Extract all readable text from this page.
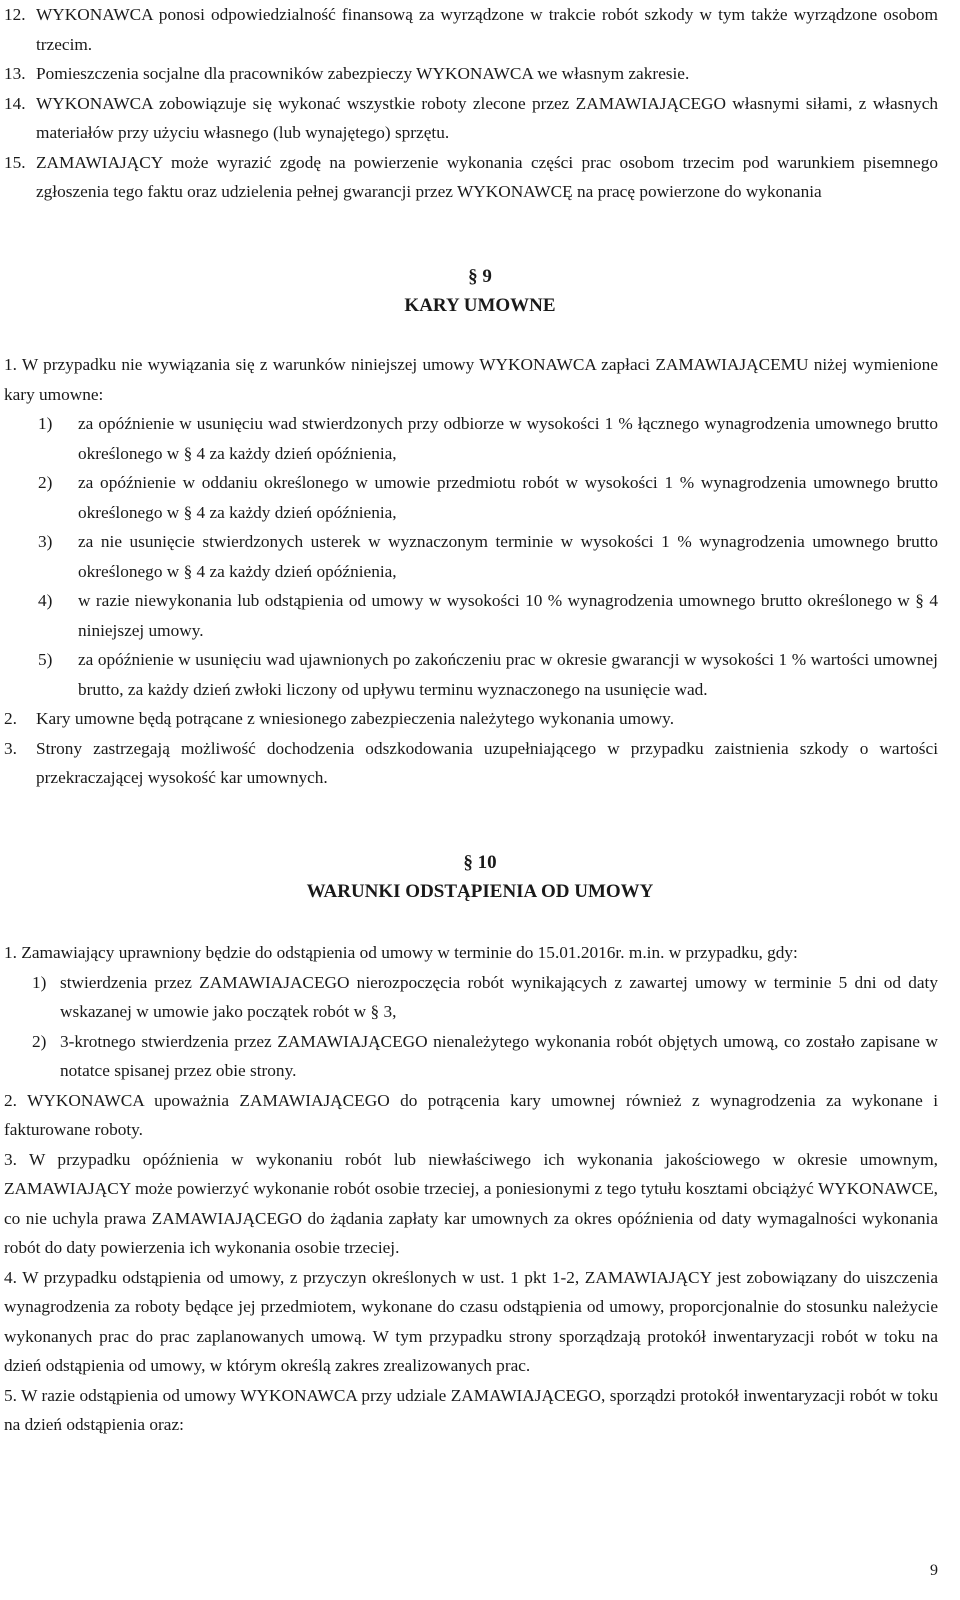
12. WYKONAWCA ponosi odpowiedzialność finansową za wyrządzone w trakcie robót szkody w tym także wyrządzone osobom trzecim.
13. Pomieszczenia socjalne dla pracowników zabezpieczy WYKONAWCA we własnym zakresie.
14. WYKONAWCA zobowiązuje się wykonać wszystkie roboty zlecone przez ZAMAWIAJĄCEGO własnymi siłami, z własnych materiałów przy użyciu własnego (lub wynajętego) sprzętu.
15. ZAMAWIAJĄCY może wyrazić zgodę na powierzenie wykonania części prac osobom trzecim pod warunkiem pisemnego zgłoszenia tego faktu oraz udzielenia pełnej gwarancji przez WYKONAWCĘ na pracę powierzone do wykonania
§ 9
KARY UMOWNE
1. W przypadku nie wywiązania się z warunków niniejszej umowy WYKONAWCA zapłaci ZAMAWIAJĄCEMU niżej wymienione kary umowne:
1) za opóźnienie w usunięciu wad stwierdzonych przy odbiorze w wysokości 1 % łącznego wynagrodzenia umownego brutto określonego w § 4 za każdy dzień opóźnienia,
2) za opóźnienie w oddaniu określonego w umowie przedmiotu robót w wysokości 1 % wynagrodzenia umownego brutto określonego w § 4 za każdy dzień opóźnienia,
3) za nie usunięcie stwierdzonych usterek w wyznaczonym terminie w wysokości 1 % wynagrodzenia umownego brutto określonego w § 4 za każdy dzień opóźnienia,
4) w razie niewykonania lub odstąpienia od umowy w wysokości 10 % wynagrodzenia umownego brutto określonego w § 4 niniejszej umowy.
5) za opóźnienie w usunięciu wad ujawnionych po zakończeniu prac w okresie gwarancji w wysokości 1 % wartości umownej brutto, za każdy dzień zwłoki liczony od upływu terminu wyznaczonego na usunięcie wad.
2. Kary umowne będą potrącane z wniesionego zabezpieczenia należytego wykonania umowy.
3. Strony zastrzegają możliwość dochodzenia odszkodowania uzupełniającego w przypadku zaistnienia szkody o wartości przekraczającej wysokość kar umownych.
§ 10
WARUNKI ODSTĄPIENIA OD UMOWY
1. Zamawiający uprawniony będzie do odstąpienia od umowy w terminie do 15.01.2016r. m.in. w przypadku, gdy:
1) stwierdzenia przez ZAMAWIAJACEGO nierozpoczęcia robót wynikających z zawartej umowy w terminie 5 dni od daty wskazanej w umowie jako początek robót w § 3,
2) 3-krotnego stwierdzenia przez ZAMAWIAJĄCEGO nienależytego wykonania robót objętych umową, co zostało zapisane w notatce spisanej przez obie strony.
2. WYKONAWCA upoważnia ZAMAWIAJĄCEGO do potrącenia kary umownej również z wynagrodzenia za wykonane i fakturowane roboty.
3. W przypadku opóźnienia w wykonaniu robót lub niewłaściwego ich wykonania jakościowego w okresie umownym, ZAMAWIAJĄCY może powierzyć wykonanie robót osobie trzeciej, a poniesionymi z tego tytułu kosztami obciążyć WYKONAWCE, co nie uchyla prawa ZAMAWIAJĄCEGO do żądania zapłaty kar umownych za okres opóźnienia od daty wymagalności wykonania robót do daty powierzenia ich wykonania osobie trzeciej.
4. W przypadku odstąpienia od umowy, z przyczyn określonych w ust. 1 pkt 1-2, ZAMAWIAJĄCY jest zobowiązany do uiszczenia wynagrodzenia za roboty będące jej przedmiotem, wykonane do czasu odstąpienia od umowy, proporcjonalnie do stosunku należycie wykonanych prac do prac zaplanowanych umową. W tym przypadku strony sporządzają protokół inwentaryzacji robót w toku na dzień odstąpienia od umowy, w którym określą zakres zrealizowanych prac.
5. W razie odstąpienia od umowy WYKONAWCA przy udziale ZAMAWIAJĄCEGO, sporządzi protokół inwentaryzacji robót w toku na dzień odstąpienia oraz:
9
